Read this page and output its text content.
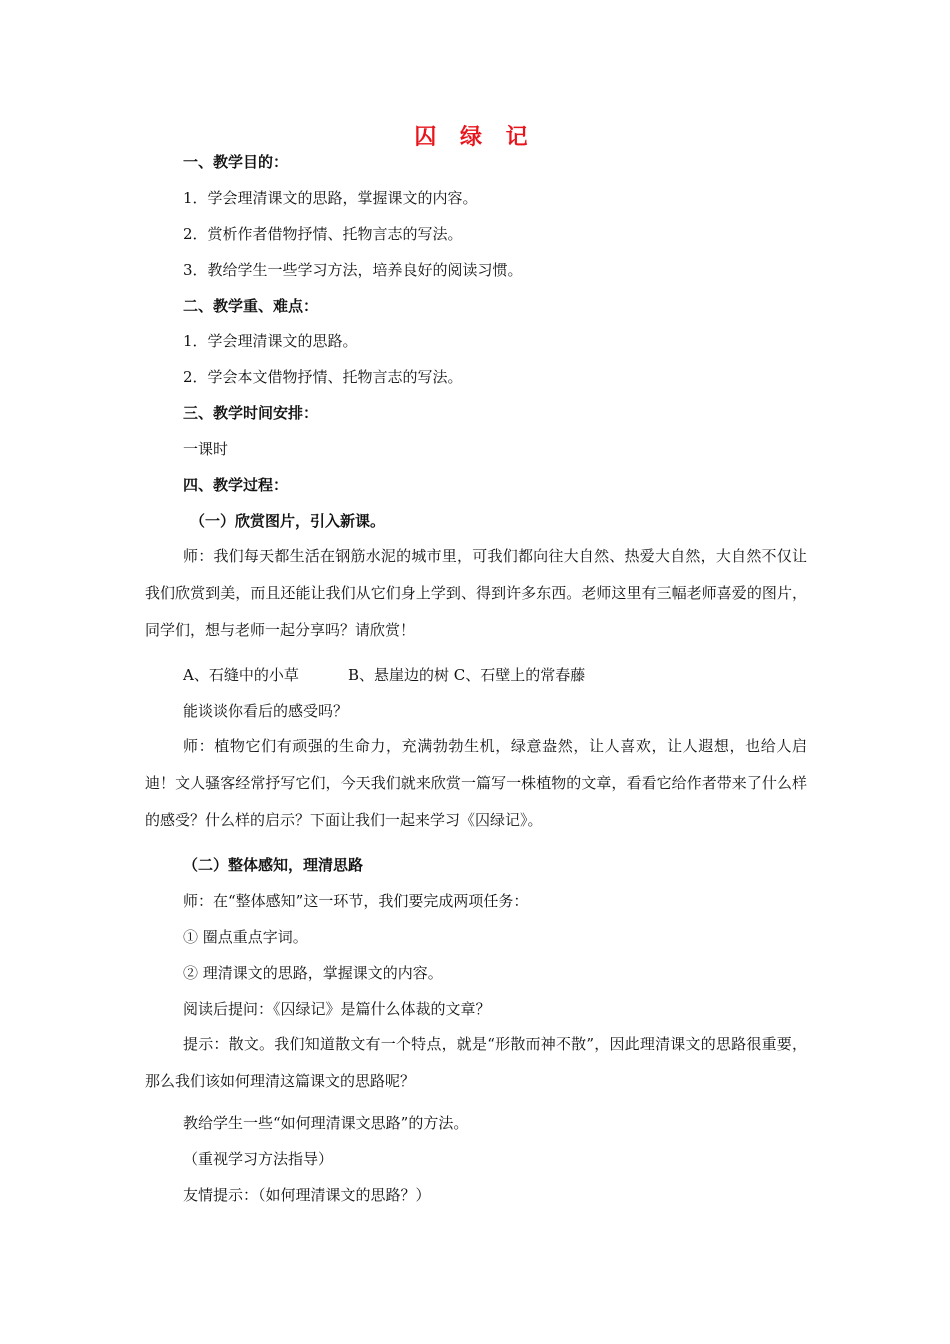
囚 绿 记
一、教学目的：
1．学会理清课文的思路，掌握课文的内容。
2．赏析作者借物抒情、托物言志的写法。
3．教给学生一些学习方法，培养良好的阅读习惯。
二、教学重、难点：
1．学会理清课文的思路。
2．学会本文借物抒情、托物言志的写法。
三、教学时间安排：
一课时
四、教学过程：
（一）欣赏图片，引入新课。
师：我们每天都生活在钢筋水泥的城市里，可我们都向往大自然、热爱大自然，大自然不仅让我们欣赏到美，而且还能让我们从它们身上学到、得到许多东西。老师这里有三幅老师喜爱的图片，同学们，想与老师一起分享吗？请欣赏！
A、石缝中的小草	B、悬崖边的树 C、石壁上的常春藤
能谈谈你看后的感受吗？
师：植物它们有顽强的生命力，充满勃勃生机，绿意盎然，让人喜欢，让人遐想，也给人启迪！文人骚客经常抒写它们，今天我们就来欣赏一篇写一株植物的文章，看看它给作者带来了什么样的感受？什么样的启示？下面让我们一起来学习《囚绿记》。
（二）整体感知，理清思路
师：在“整体感知”这一环节，我们要完成两项任务：
① 圈点重点字词。
② 理清课文的思路，掌握课文的内容。
阅读后提问：《囚绿记》是篇什么体裁的文章？
提示：散文。我们知道散文有一个特点，就是“形散而神不散”，因此理清课文的思路很重要，那么我们该如何理清这篇课文的思路呢？
教给学生一些“如何理清课文思路”的方法。
（重视学习方法指导）
友情提示：（如何理清课文的思路？）
